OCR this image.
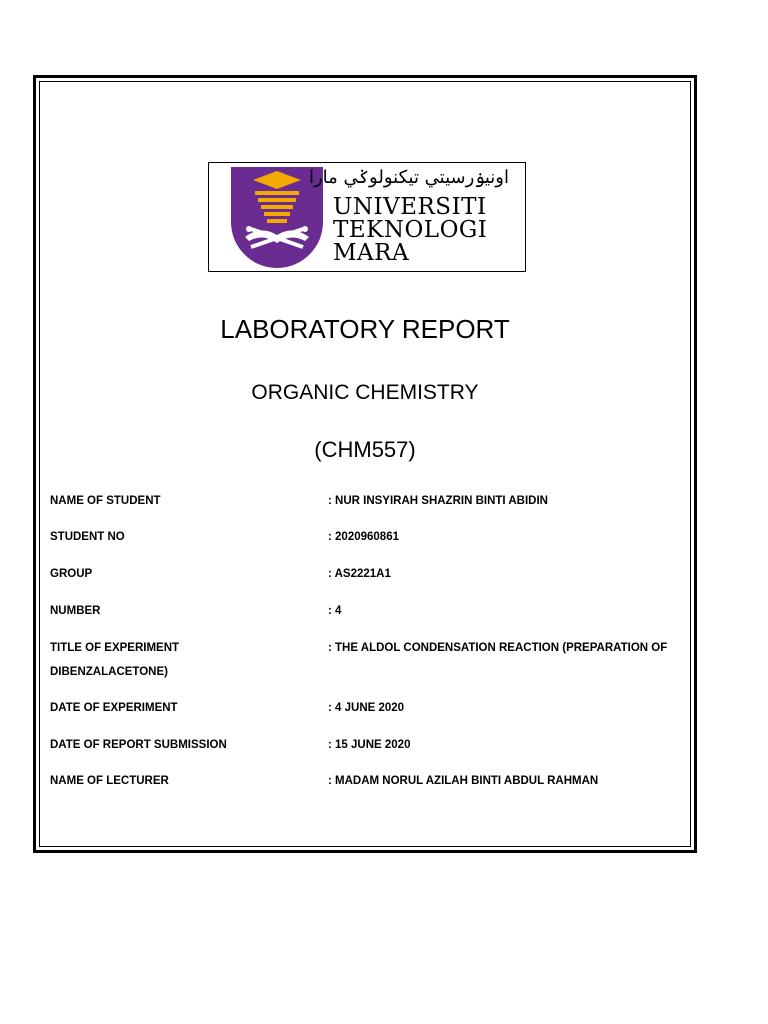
اونيۏرسيتي تيكنولوݢي مارا
UNIVERSITI
TEKNOLOGI
MARA
LABORATORY REPORT
ORGANIC CHEMISTRY
(CHM557)
NAME OF STUDENT	: NUR INSYIRAH SHAZRIN BINTI ABIDIN
STUDENT NO	: 2020960861
GROUP	: AS2221A1
NUMBER	: 4
TITLE OF EXPERIMENT	: THE ALDOL CONDENSATION REACTION (PREPARATION OF
DIBENZALACETONE)
DATE OF EXPERIMENT	: 4 JUNE 2020
DATE OF REPORT SUBMISSION	: 15 JUNE 2020
NAME OF LECTURER	: MADAM NORUL AZILAH BINTI ABDUL RAHMAN
